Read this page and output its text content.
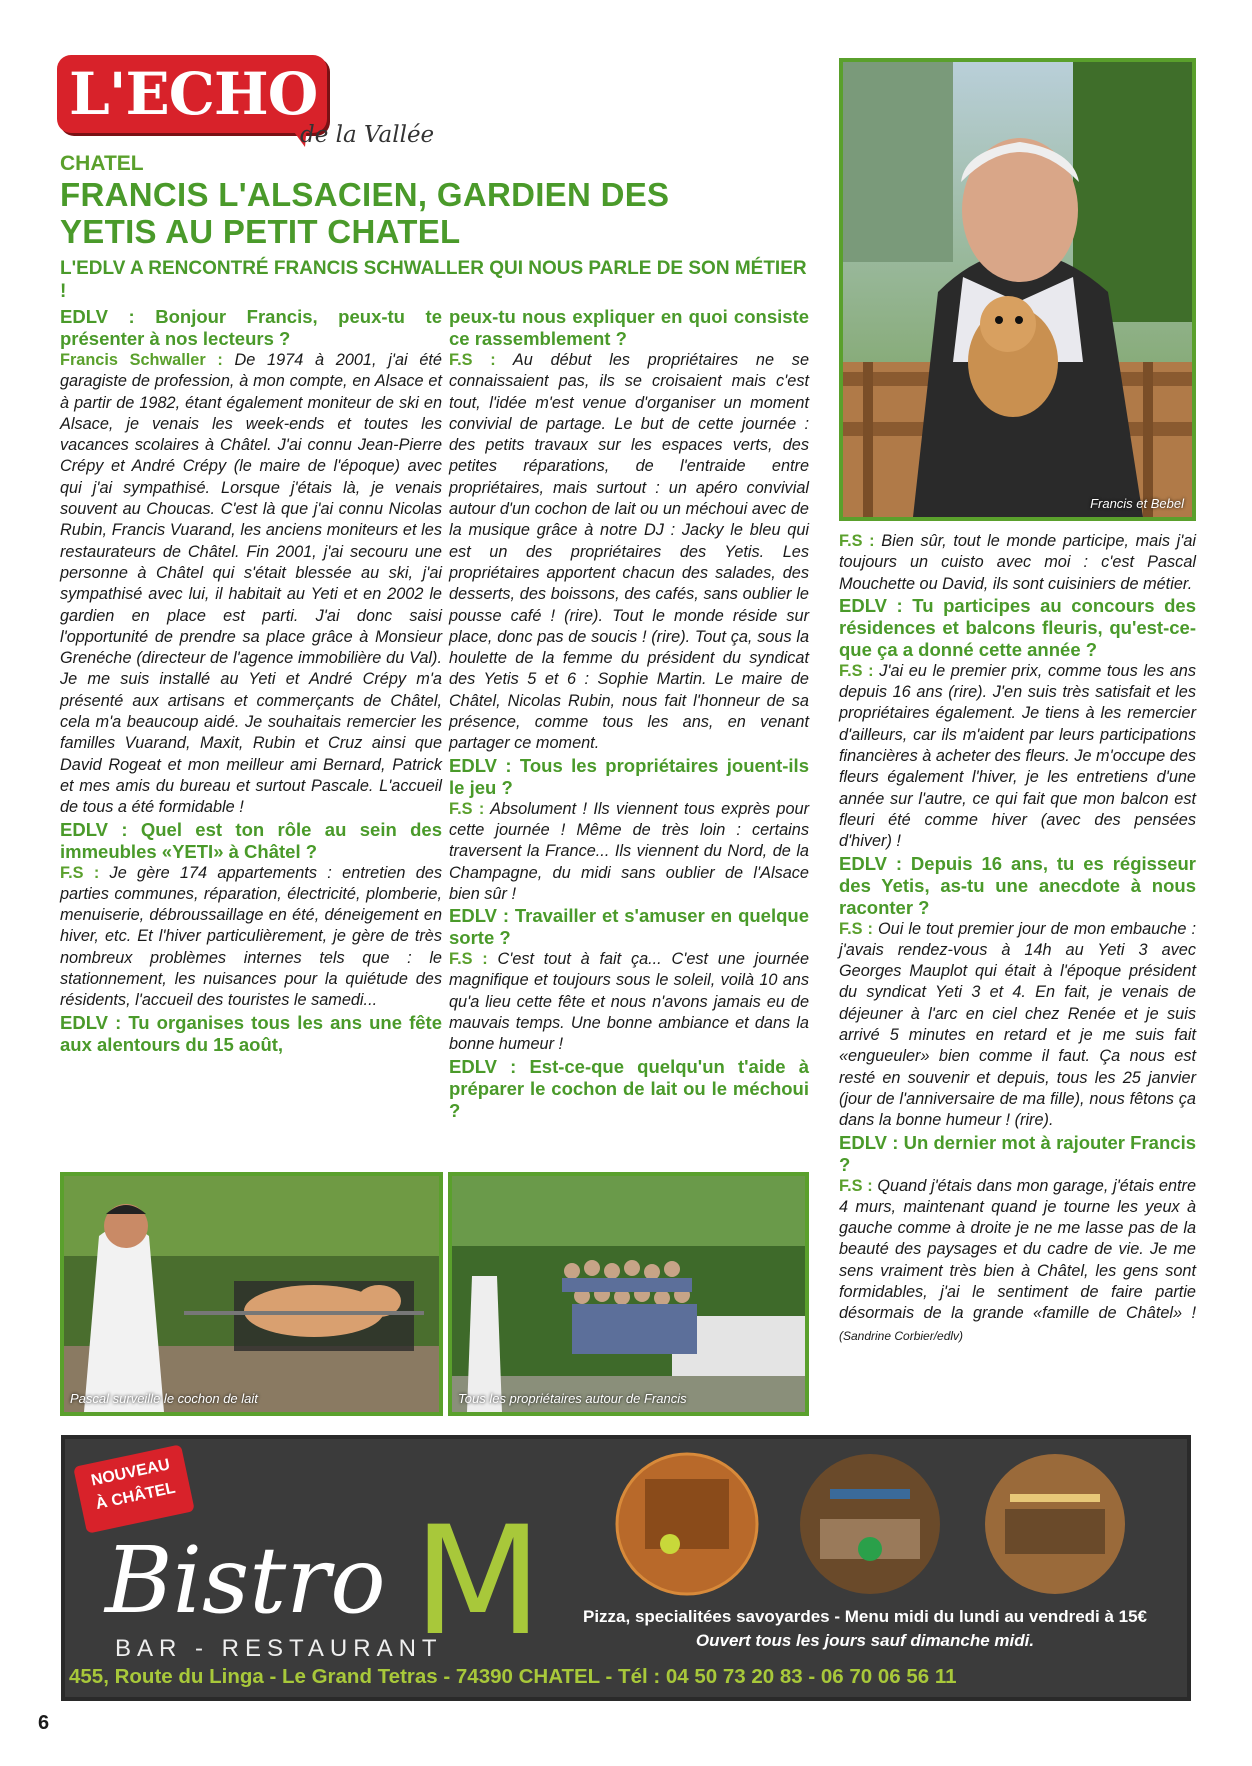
L'ECHO
de la Vallée
CHATEL
FRANCIS L'ALSACIEN, GARDIEN DES YETIS AU PETIT CHATEL
L'EDLV A RENCONTRÉ FRANCIS SCHWALLER QUI NOUS PARLE DE SON MÉTIER !
Francis et Bebel
EDLV : Bonjour Francis, peux-tu te présenter à nos lecteurs ?

Francis Schwaller : De 1974 à 2001, j'ai été garagiste de profession, à mon compte, en Alsace et à partir de 1982, étant également moniteur de ski en Alsace, je venais les week-ends et toutes les vacances scolaires à Châtel. J'ai connu Jean-Pierre Crépy et André Crépy (le maire de l'époque) avec qui j'ai sympathisé. Lorsque j'étais là, je venais souvent au Choucas. C'est là que j'ai connu Nicolas Rubin, Francis Vuarand, les anciens moniteurs et les restaurateurs de Châtel. Fin 2001, j'ai secouru une personne à Châtel qui s'était blessée au ski, j'ai sympathisé avec lui, il habitait au Yeti et en 2002 le gardien en place est parti. J'ai donc saisi l'opportunité de prendre sa place grâce à Monsieur Grenéche (directeur de l'agence immobilière du Val). Je me suis installé au Yeti et André Crépy m'a présenté aux artisans et commerçants de Châtel, cela m'a beaucoup aidé. Je souhaitais remercier les familles Vuarand, Maxit, Rubin et Cruz ainsi que David Rogeat et mon meilleur ami Bernard, Patrick et mes amis du bureau et surtout Pascale. L'accueil de tous a été formidable !

EDLV : Quel est ton rôle au sein des immeubles «YETI» à Châtel ?

F.S : Je gère 174 appartements : entretien des parties communes, réparation, électricité, plomberie, menuiserie, débroussaillage en été, déneigement en hiver, etc. Et l'hiver particulièrement, je gère de très nombreux problèmes internes tels que : le stationnement, les nuisances pour la quiétude des résidents, l'accueil des touristes le samedi...

EDLV : Tu organises tous les ans une fête aux alentours du 15 août,
peux-tu nous expliquer en quoi consiste ce rassemblement ?

F.S : Au début les propriétaires ne se connaissaient pas, ils se croisaient mais c'est tout, l'idée m'est venue d'organiser un moment convivial de partage. Le but de cette journée : des petits travaux sur les espaces verts, des petites réparations, de l'entraide entre propriétaires, mais surtout : un apéro convivial autour d'un cochon de lait ou un méchoui avec de la musique grâce à notre DJ : Jacky le bleu qui est un des propriétaires des Yetis. Les propriétaires apportent chacun des salades, des desserts, des boissons, des cafés, sans oublier le pousse café ! (rire). Tout le monde réside sur place, donc pas de soucis ! (rire). Tout ça, sous la houlette de la femme du président du syndicat des Yetis 5 et 6 : Sophie Martin. Le maire de Châtel, Nicolas Rubin, nous fait l'honneur de sa présence, comme tous les ans, en venant partager ce moment.

EDLV : Tous les propriétaires jouent-ils le jeu ?

F.S : Absolument ! Ils viennent tous exprès pour cette journée ! Même de très loin : certains traversent la France... Ils viennent du Nord, de la Champagne, du midi sans oublier de l'Alsace bien sûr !

EDLV : Travailler et s'amuser en quelque sorte ?

F.S : C'est tout à fait ça... C'est une journée magnifique et toujours sous le soleil, voilà 10 ans qu'a lieu cette fête et nous n'avons jamais eu de mauvais temps. Une bonne ambiance et dans la bonne humeur !

EDLV : Est-ce-que quelqu'un t'aide à préparer le cochon de lait ou le méchoui ?

F.S : Bien sûr, tout le monde participe, mais j'ai toujours un cuisto avec moi : c'est Pascal Mouchette ou David, ils sont cuisiniers de métier.

EDLV : Tu participes au concours des résidences et balcons fleuris, qu'est-ce-que ça a donné cette année ?

F.S : J'ai eu le premier prix, comme tous les ans depuis 16 ans (rire). J'en suis très satisfait et les propriétaires également. Je tiens à les remercier d'ailleurs, car ils m'aident par leurs participations financières à acheter des fleurs. Je m'occupe des fleurs également l'hiver, je les entretiens d'une année sur l'autre, ce qui fait que mon balcon est fleuri été comme hiver (avec des pensées d'hiver) !

EDLV : Depuis 16 ans, tu es régisseur des Yetis, as-tu une anecdote à nous raconter ?

F.S : Oui le tout premier jour de mon embauche : j'avais rendez-vous à 14h au Yeti 3 avec Georges Mauplot qui était à l'époque président du syndicat Yeti 3 et 4. En fait, je venais de déjeuner à l'arc en ciel chez Renée et je suis arrivé 5 minutes en retard et je me suis fait «engueuler» bien comme il faut. Ça nous est resté en souvenir et depuis, tous les 25 janvier (jour de l'anniversaire de ma fille), nous fêtons ça dans la bonne humeur ! (rire).

EDLV : Un dernier mot à rajouter Francis ?

F.S : Quand j'étais dans mon garage, j'étais entre 4 murs, maintenant quand je tourne les yeux à gauche comme à droite je ne me lasse pas de la beauté des paysages et du cadre de vie. Je me sens vraiment très bien à Châtel, les gens sont formidables, j'ai le sentiment de faire partie désormais de la grande «famille de Châtel» ! (Sandrine Corbier/edlv)

Pascal surveille le cochon de lait	Tous les propriétaires autour de Francis
NOUVEAU
À CHÂTEL
Bistro M
BAR - RESTAURANT
Pizza, specialitées savoyardes - Menu midi du lundi au vendredi à 15€
Ouvert tous les jours sauf dimanche midi.
455, Route du Linga - Le Grand Tetras - 74390 CHATEL - Tél : 04 50 73 20 83 - 06 70 06 56 11
6
